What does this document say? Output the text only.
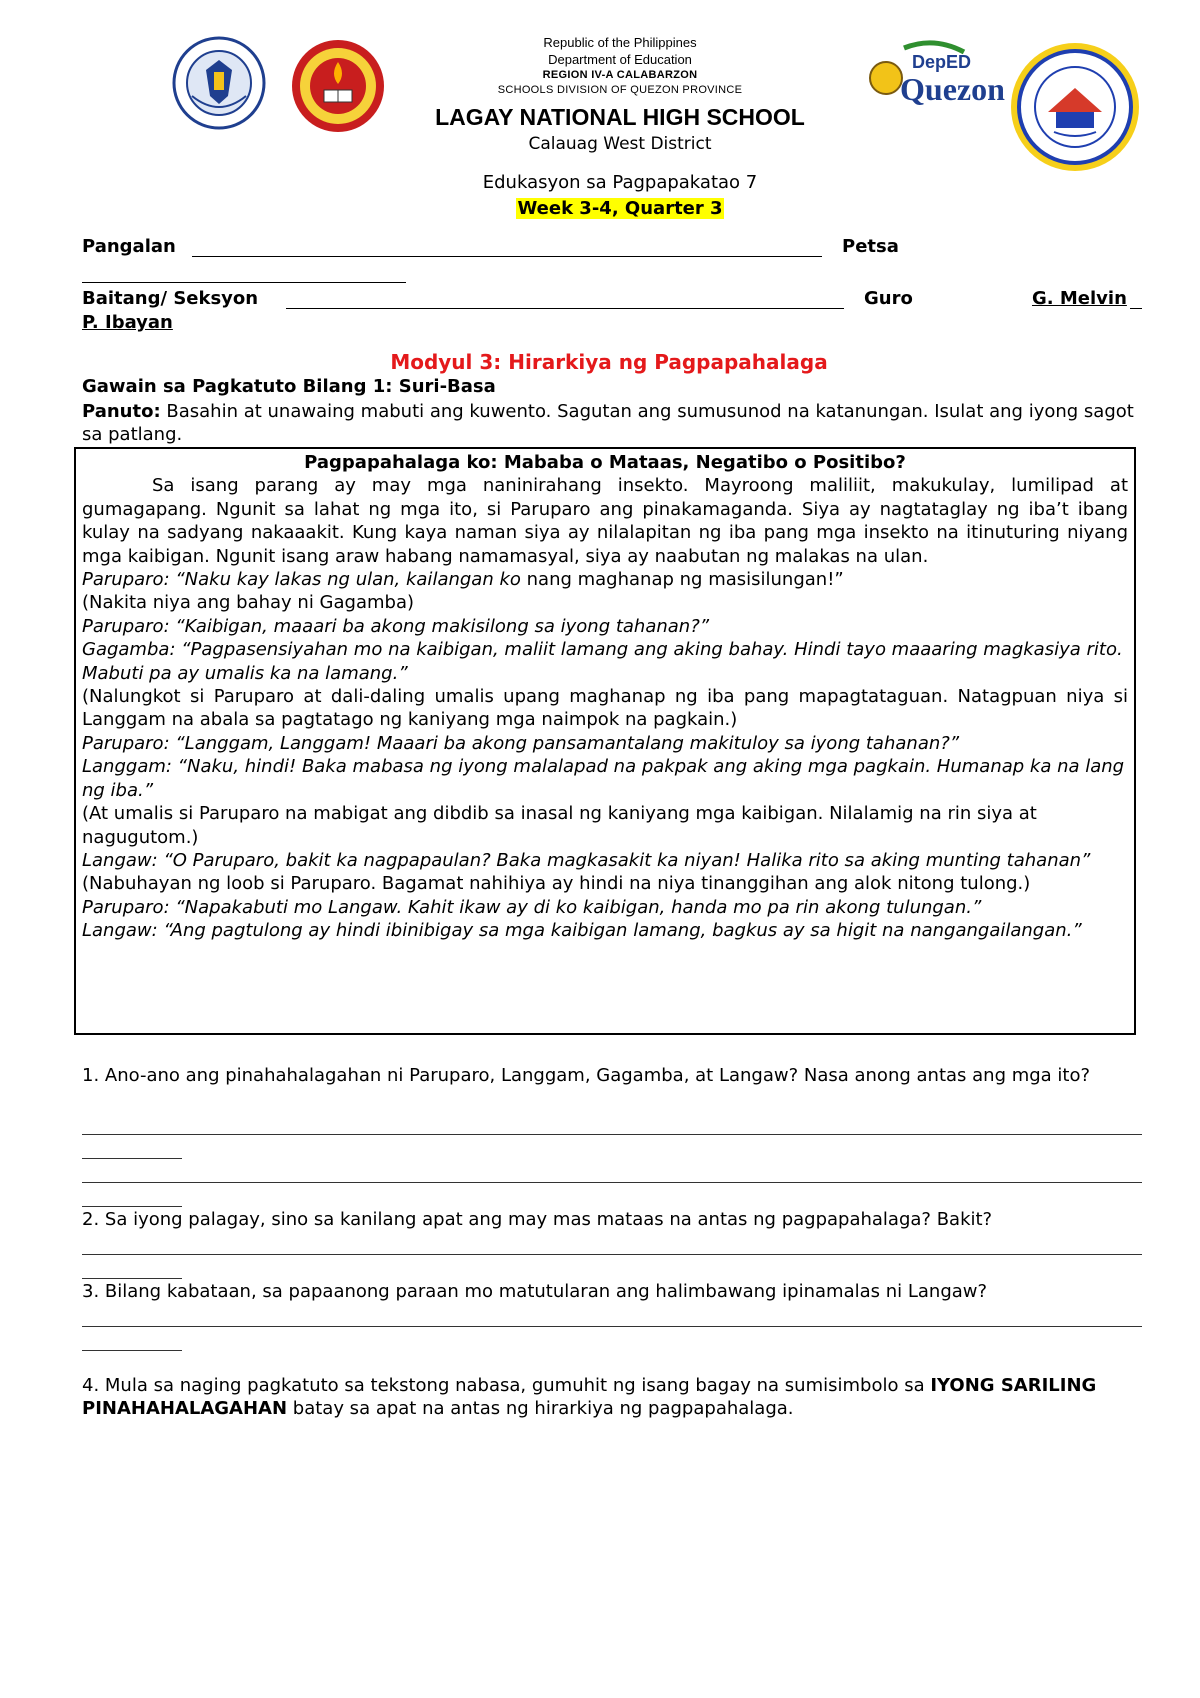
Republic of the Philippines
Department of Education
REGION IV-A CALABARZON
SCHOOLS DIVISION OF QUEZON PROVINCE
LAGAY NATIONAL HIGH SCHOOL
Calauag West District
Edukasyon sa Pagpapakatao 7
Week 3-4, Quarter 3
DepED
Quezon
Pangalan	Petsa
Baitang/ Seksyon	Guro	G. Melvin
P. Ibayan
Modyul 3: Hirarkiya ng Pagpapahalaga
Gawain sa Pagkatuto Bilang 1: Suri-Basa
Panuto: Basahin at unawaing mabuti ang kuwento. Sagutan ang sumusunod na katanungan. Isulat ang iyong sagot sa patlang.

Pagpapahalaga ko: Mababa o Mataas, Negatibo o Positibo?

Sa isang parang ay may mga naninirahang insekto. Mayroong maliliit, makukulay, lumilipad at gumagapang. Ngunit sa lahat ng mga ito, si Paruparo ang pinakamaganda. Siya ay nagtataglay ng iba’t ibang kulay na sadyang nakaaakit. Kung kaya naman siya ay nilalapitan ng iba pang mga insekto na itinuturing niyang mga kaibigan. Ngunit isang araw habang namamasyal, siya ay naabutan ng malakas na ulan.

Paruparo: “Naku kay lakas ng ulan, kailangan ko nang maghanap ng masisilungan!”

(Nakita niya ang bahay ni Gagamba)

Paruparo: “Kaibigan, maaari ba akong makisilong sa iyong tahanan?”

Gagamba: “Pagpasensiyahan mo na kaibigan, maliit lamang ang aking bahay. Hindi tayo maaaring magkasiya rito. Mabuti pa ay umalis ka na lamang.”

(Nalungkot si Paruparo at dali-daling umalis upang maghanap ng iba pang mapagtataguan. Natagpuan niya si Langgam na abala sa pagtatago ng kaniyang mga naimpok na pagkain.)

Paruparo: “Langgam, Langgam! Maaari ba akong pansamantalang makituloy sa iyong tahanan?”

Langgam: “Naku, hindi! Baka mabasa ng iyong malalapad na pakpak ang aking mga pagkain. Humanap ka na lang ng iba.”

(At umalis si Paruparo na mabigat ang dibdib sa inasal ng kaniyang mga kaibigan. Nilalamig na rin siya at nagugutom.)

Langaw: “O Paruparo, bakit ka nagpapaulan? Baka magkasakit ka niyan! Halika rito sa aking munting tahanan”

(Nabuhayan ng loob si Paruparo. Bagamat nahihiya ay hindi na niya tinanggihan ang alok nitong tulong.)

Paruparo: “Napakabuti mo Langaw. Kahit ikaw ay di ko kaibigan, handa mo pa rin akong tulungan.”

Langaw: “Ang pagtulong ay hindi ibinibigay sa mga kaibigan lamang, bagkus ay sa higit na nangangailangan.”

1. Ano-ano ang pinahahalagahan ni Paruparo, Langgam, Gagamba, at Langaw? Nasa anong antas ang mga ito?
2. Sa iyong palagay, sino sa kanilang apat ang may mas mataas na antas ng pagpapahalaga? Bakit?
3. Bilang kabataan, sa papaanong paraan mo matutularan ang halimbawang ipinamalas ni Langaw?
4. Mula sa naging pagkatuto sa tekstong nabasa, gumuhit ng isang bagay na sumisimbolo sa IYONG SARILING PINAHAHALAGAHAN batay sa apat na antas ng hirarkiya ng pagpapahalaga.
